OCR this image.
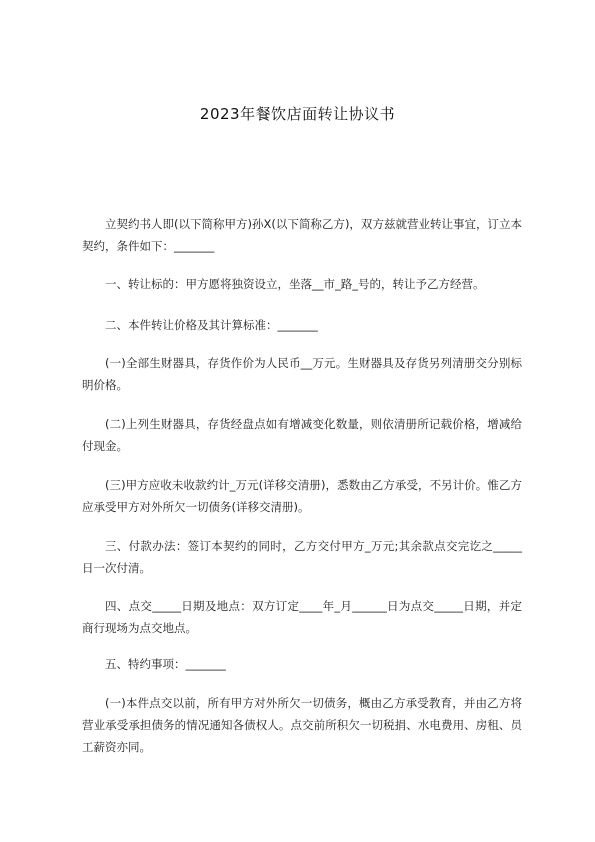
2023年餐饮店面转让协议书

立契约书人即(以下简称甲方)孙X(以下简称乙方)，双方兹就营业转让事宜，订立本契约，条件如下：_______

一、转让标的：甲方愿将独资设立，坐落__市_路_号的，转让予乙方经营。

二、本件转让价格及其计算标准：_______

(一)全部生财器具，存货作价为人民币__万元。生财器具及存货另列清册交分别标明价格。

(二)上列生财器具，存货经盘点如有增减变化数量，则依清册所记载价格，增减给付现金。

(三)甲方应收未收款约计_万元(详移交清册)，悉数由乙方承受，不另计价。惟乙方应承受甲方对外所欠一切债务(详移交清册)。

三、付款办法：签订本契约的同时，乙方交付甲方_万元;其余款点交完讫之_____日一次付清。

四、点交_____日期及地点：双方订定____年_月______日为点交_____日期，并定商行现场为点交地点。

五、特约事项：_______

(一)本件点交以前，所有甲方对外所欠一切债务，概由乙方承受教育，并由乙方将营业承受承担债务的情况通知各债权人。点交前所积欠一切税捐、水电费用、房租、员工薪资亦同。
